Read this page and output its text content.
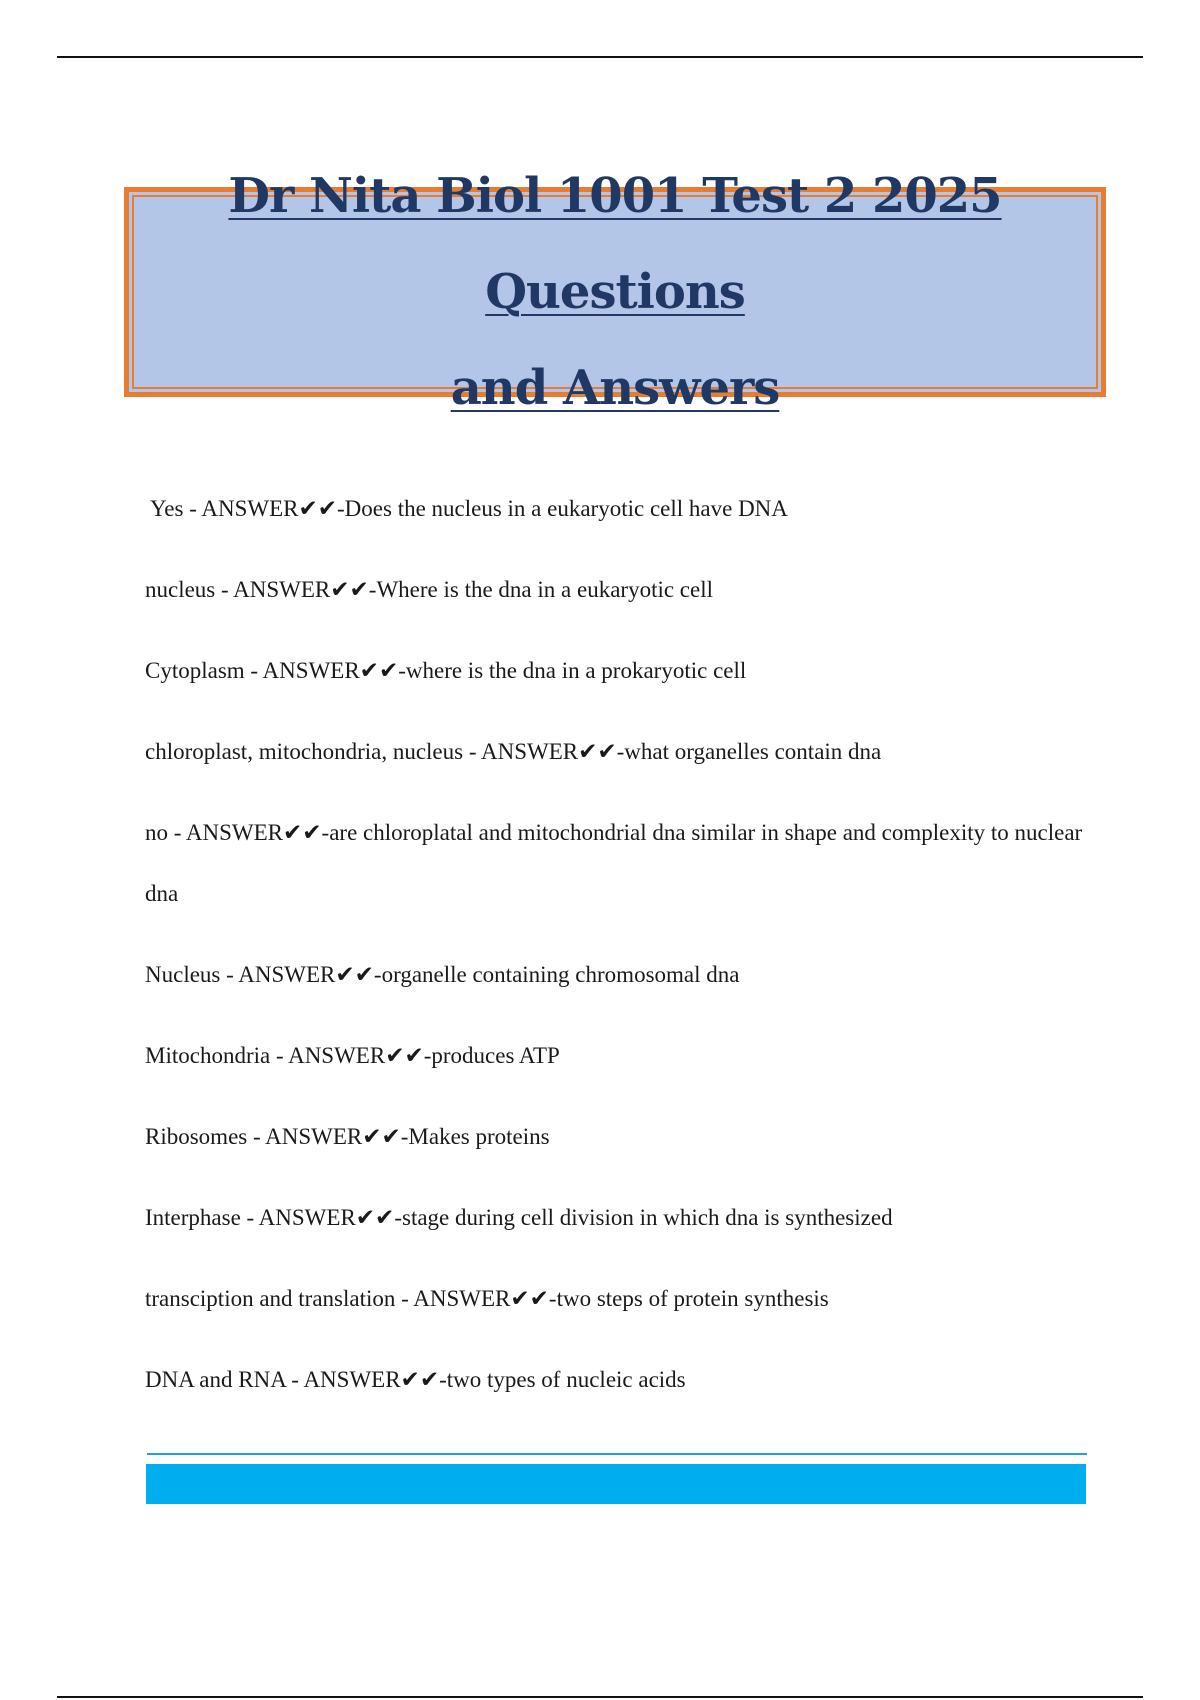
Dr Nita Biol 1001 Test 2 2025 Questions
and Answers
Yes - ANSWER✔✔-Does the nucleus in a eukaryotic cell have DNA
nucleus - ANSWER✔✔-Where is the dna in a eukaryotic cell
Cytoplasm - ANSWER✔✔-where is the dna in a prokaryotic cell
chloroplast, mitochondria, nucleus - ANSWER✔✔-what organelles contain dna
no - ANSWER✔✔-are chloroplatal and mitochondrial dna similar in shape and complexity to nuclear dna
Nucleus - ANSWER✔✔-organelle containing chromosomal dna
Mitochondria - ANSWER✔✔-produces ATP
Ribosomes - ANSWER✔✔-Makes proteins
Interphase - ANSWER✔✔-stage during cell division in which dna is synthesized
transciption and translation - ANSWER✔✔-two steps of protein synthesis
DNA and RNA - ANSWER✔✔-two types of nucleic acids
